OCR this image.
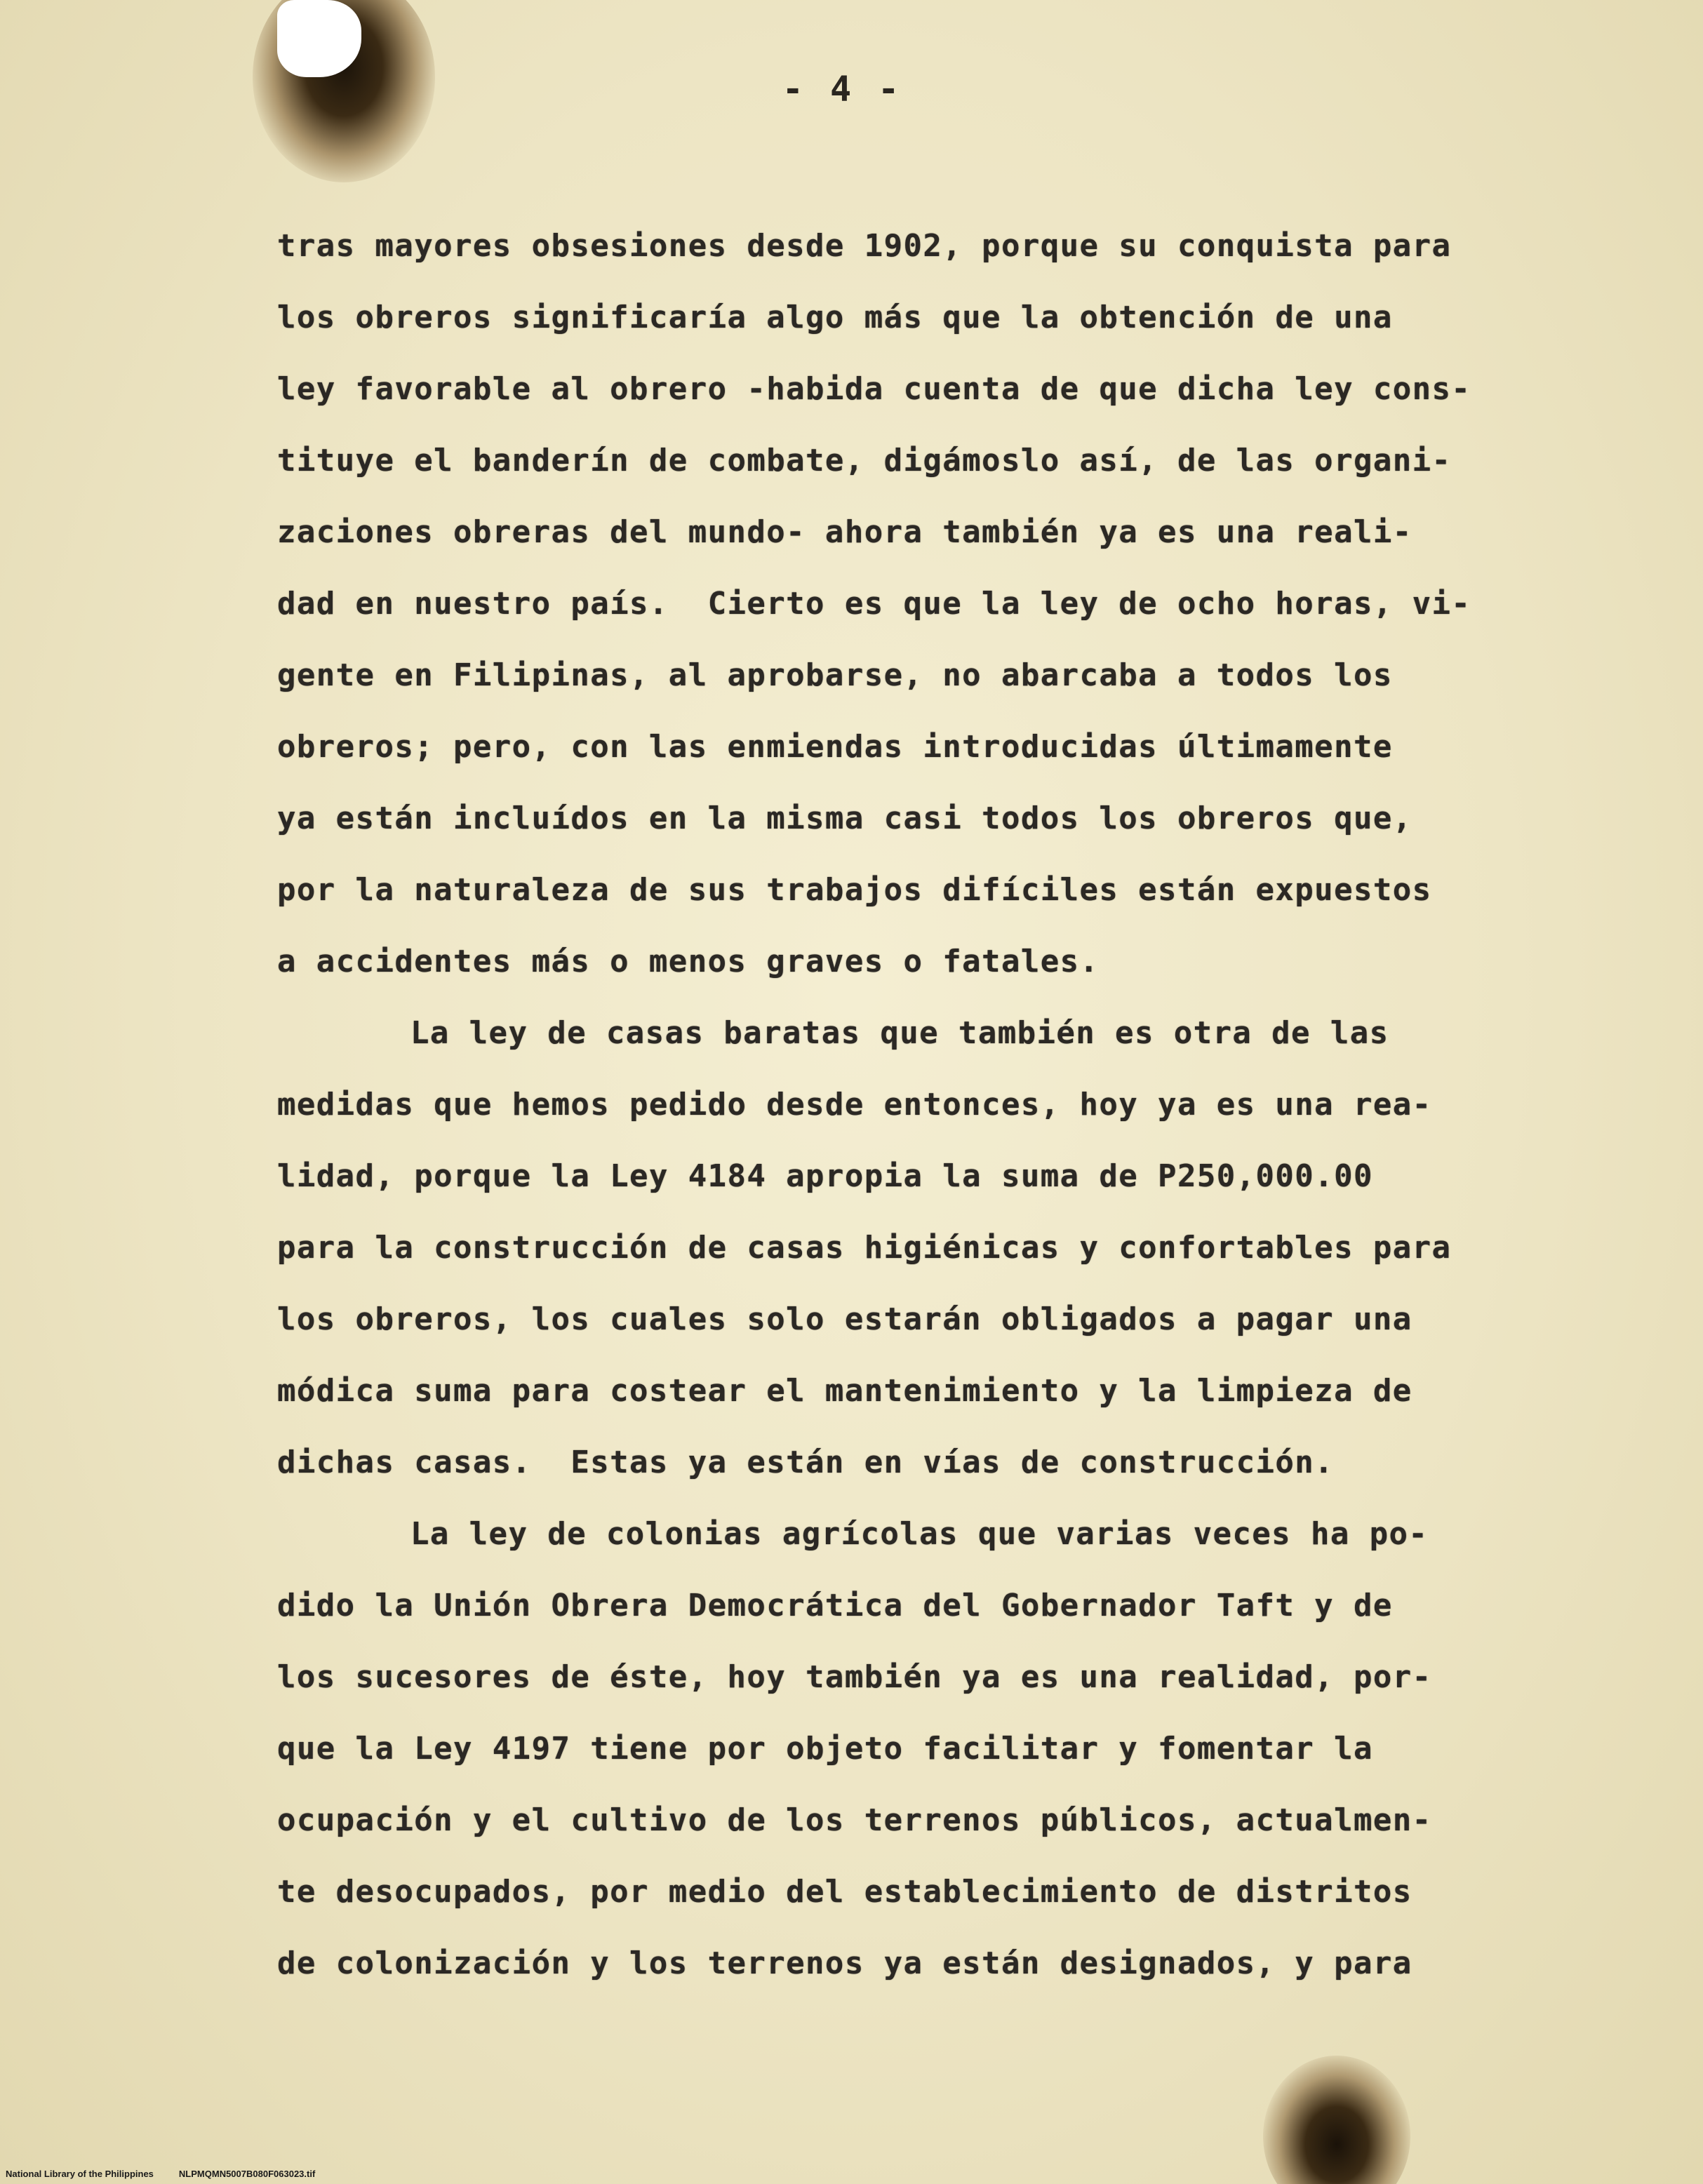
- 4 -
tras mayores obsesiones desde 1902, porque su conquista para
los obreros significaría algo más que la obtención de una
ley favorable al obrero -habida cuenta de que dicha ley cons-
tituye el banderín de combate, digámoslo así, de las organi-
zaciones obreras del mundo- ahora también ya es una reali-
dad en nuestro país.  Cierto es que la ley de ocho horas, vi-
gente en Filipinas, al aprobarse, no abarcaba a todos los
obreros; pero, con las enmiendas introducidas últimamente
ya están incluídos en la misma casi todos los obreros que,
por la naturaleza de sus trabajos difíciles están expuestos
a accidentes más o menos graves o fatales.
La ley de casas baratas que también es otra de las
medidas que hemos pedido desde entonces, hoy ya es una rea-
lidad, porque la Ley 4184 apropia la suma de P250,000.00
para la construcción de casas higiénicas y confortables para
los obreros, los cuales solo estarán obligados a pagar una
módica suma para costear el mantenimiento y la limpieza de
dichas casas.  Estas ya están en vías de construcción.
La ley de colonias agrícolas que varias veces ha po-
dido la Unión Obrera Democrática del Gobernador Taft y de
los sucesores de éste, hoy también ya es una realidad, por-
que la Ley 4197 tiene por objeto facilitar y fomentar la
ocupación y el cultivo de los terrenos públicos, actualmen-
te desocupados, por medio del establecimiento de distritos
de colonización y los terrenos ya están designados, y para
National Library of the Philippines	NLPMQMN5007B080F063023.tif
